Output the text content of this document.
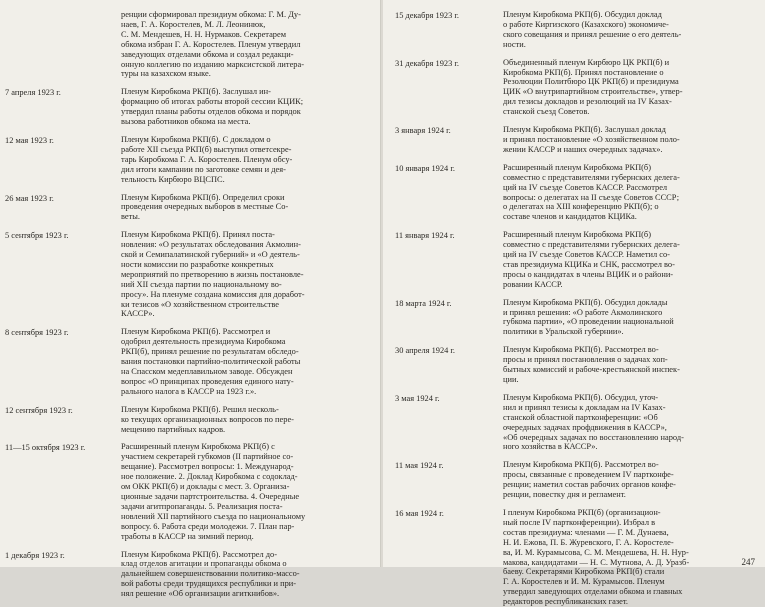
ренции сформировал президиум обкома: Г. М. Ду-
наев, Г. А. Коростелев, М. Л. Леонинюк,
С. М. Мендешев, Н. Н. Нурмаков. Секретарем
обкома избран Г. А. Коростелев. Пленум утвердил
заведующих отделами обкома и создал редакци-
онную коллегию по изданию марксистской литера-
туры на казахском языке.
7 апреля 1923 г.	Пленум Киробкома РКП(б). Заслушал ин-
формацию об итогах работы второй сессии КЦИК;
утвердил планы работы отделов обкома и порядок
вызова работников обкома на места.
12 мая 1923 г.	Пленум Киробкома РКП(б). С докладом о
работе XII съезда РКП(б) выступил ответсекре-
тарь Киробкома Г. А. Коростелев. Пленум обсу-
дил итоги кампании по заготовке семян и дея-
тельность Кирбюро ВЦСПС.
26 мая 1923 г.	Пленум Киробкома РКП(б). Определил сроки
проведения очередных выборов в местные Со-
веты.
5 сентября 1923 г.	Пленум Киробкома РКП(б). Принял поста-
новления: «О результатах обследования Акмолин-
ской и Семипалатинской губерний» и «О деятель-
ности комиссии по разработке конкретных
мероприятий по претворению в жизнь постановле-
ний XII съезда партии по национальному во-
просу». На пленуме создана комиссия для доработ-
ки тезисов «О хозяйственном строительстве
КАССР».
8 сентября 1923 г.	Пленум Киробкома РКП(б). Рассмотрел и
одобрил деятельность президиума Киробкома
РКП(б), принял решение по результатам обследо-
вания постановки партийно-политической работы
на Спасском медеплавильном заводе. Обсужден
вопрос «О принципах проведения единого нату-
рального налога в КАССР на 1923 г.».
12 сентября 1923 г.	Пленум Киробкома РКП(б). Решил несколь-
ко текущих организационных вопросов по пере-
мещению партийных кадров.
11—15 октября 1923 г.	Расширенный пленум Киробкома РКП(б) с
участием секретарей губкомов (II партийное со-
вещание). Рассмотрел вопросы: 1. Международ-
ное положение. 2. Доклад Киробкома с содоклад-
ом ОКК РКП(б) и доклады с мест. 3. Организа-
ционные задачи партстроительства. 4. Очередные
задачи агитпропаганды. 5. Реализация поста-
новлений XII партийного съезда по национальному
вопросу. 6. Работа среди молодежи. 7. План пар-
тработы в КАССР на зимний период.
1 декабря 1923 г.	Пленум Киробкома РКП(б). Рассмотрел до-
клад отделов агитации и пропаганды обкома о
дальнейшем совершенствовании политико-массо-
вой работы среди трудящихся республики и при-
нял решение «Об организации агиткнибов».
15 декабря 1923 г.	Пленум Киробкома РКП(б). Обсудил доклад
о работе Киргизского (Казахского) экономиче-
ского совещания и принял решение о его деятель-
ности.
31 декабря 1923 г.	Объединенный пленум Кирбюро ЦК РКП(б) и
Киробкома РКП(б). Принял постановление о
Резолюции Политбюро ЦК РКП(б) и президиума
ЦИК «О внутрипартийном строительстве», утвер-
дил тезисы докладов и резолюций на IV Казах-
станской съезд Советов.
3 января 1924 г.	Пленум Киробкома РКП(б). Заслушал доклад
и принял постановление «О хозяйственном поло-
жении КАССР и наших очередных задачах».
10 января 1924 г.	Расширенный пленум Киробкома РКП(б)
совместно с представителями губернских делега-
ций на IV съезде Советов КАССР. Рассмотрел
вопросы: о делегатах на II съезде Советов СССР;
о делегатах на XIII конференцию РКП(б); о
составе членов и кандидатов КЦИКа.
11 января 1924 г.	Расширенный пленум Киробкома РКП(б)
совместно с представителями губернских делега-
ций на IV съезде Советов КАССР. Наметил со-
став президиума КЦИКа и СНК, рассмотрел во-
просы о кандидатах в члены ВЦИК и о райони-
ровании КАССР.
18 марта 1924 г.	Пленум Киробкома РКП(б). Обсудил доклады
и принял решения: «О работе Акмолинского
губкома партии», «О проведении национальной
политики в Уральской губернии».
30 апреля 1924 г.	Пленум Киробкома РКП(б). Рассмотрел во-
просы и принял постановления о задачах хоп-
бытных комиссий и рабоче-крестьянской инспек-
ции.
3 мая 1924 г.	Пленум Киробкома РКП(б). Обсудил, уточ-
нил и принял тезисы к докладам на IV Казах-
станской областной партконференции: «Об
очередных задачах профдвижения в КАССР»,
«Об очередных задачах по восстановлению народ-
ного хозяйства в КАССР».
11 мая 1924 г.	Пленум Киробкома РКП(б). Рассмотрел во-
просы, связанные с проведением IV партконфе-
ренции; наметил состав рабочих органов конфе-
ренции, повестку дня и регламент.
16 мая 1924 г.	I пленум Киробкома РКП(б) (организацион-
ный после IV партконференции). Избрал в
состав президиума: членами — Г. М. Дунаева,
Н. И. Ежова, П. Б. Журевского, Г. А. Коростеле-
ва, И. М. Курамысова, С. М. Мендешева, Н. Н. Нур-
макова, кандидатами — Н. С. Мутнова, А. Д. Уразб-
баеву. Секретарями Киробкома РКП(б) стали
Г. А. Коростелев и И. М. Курамысов. Пленум
утвердил заведующих отделами обкома и главных
редакторов республиканских газет.
247
